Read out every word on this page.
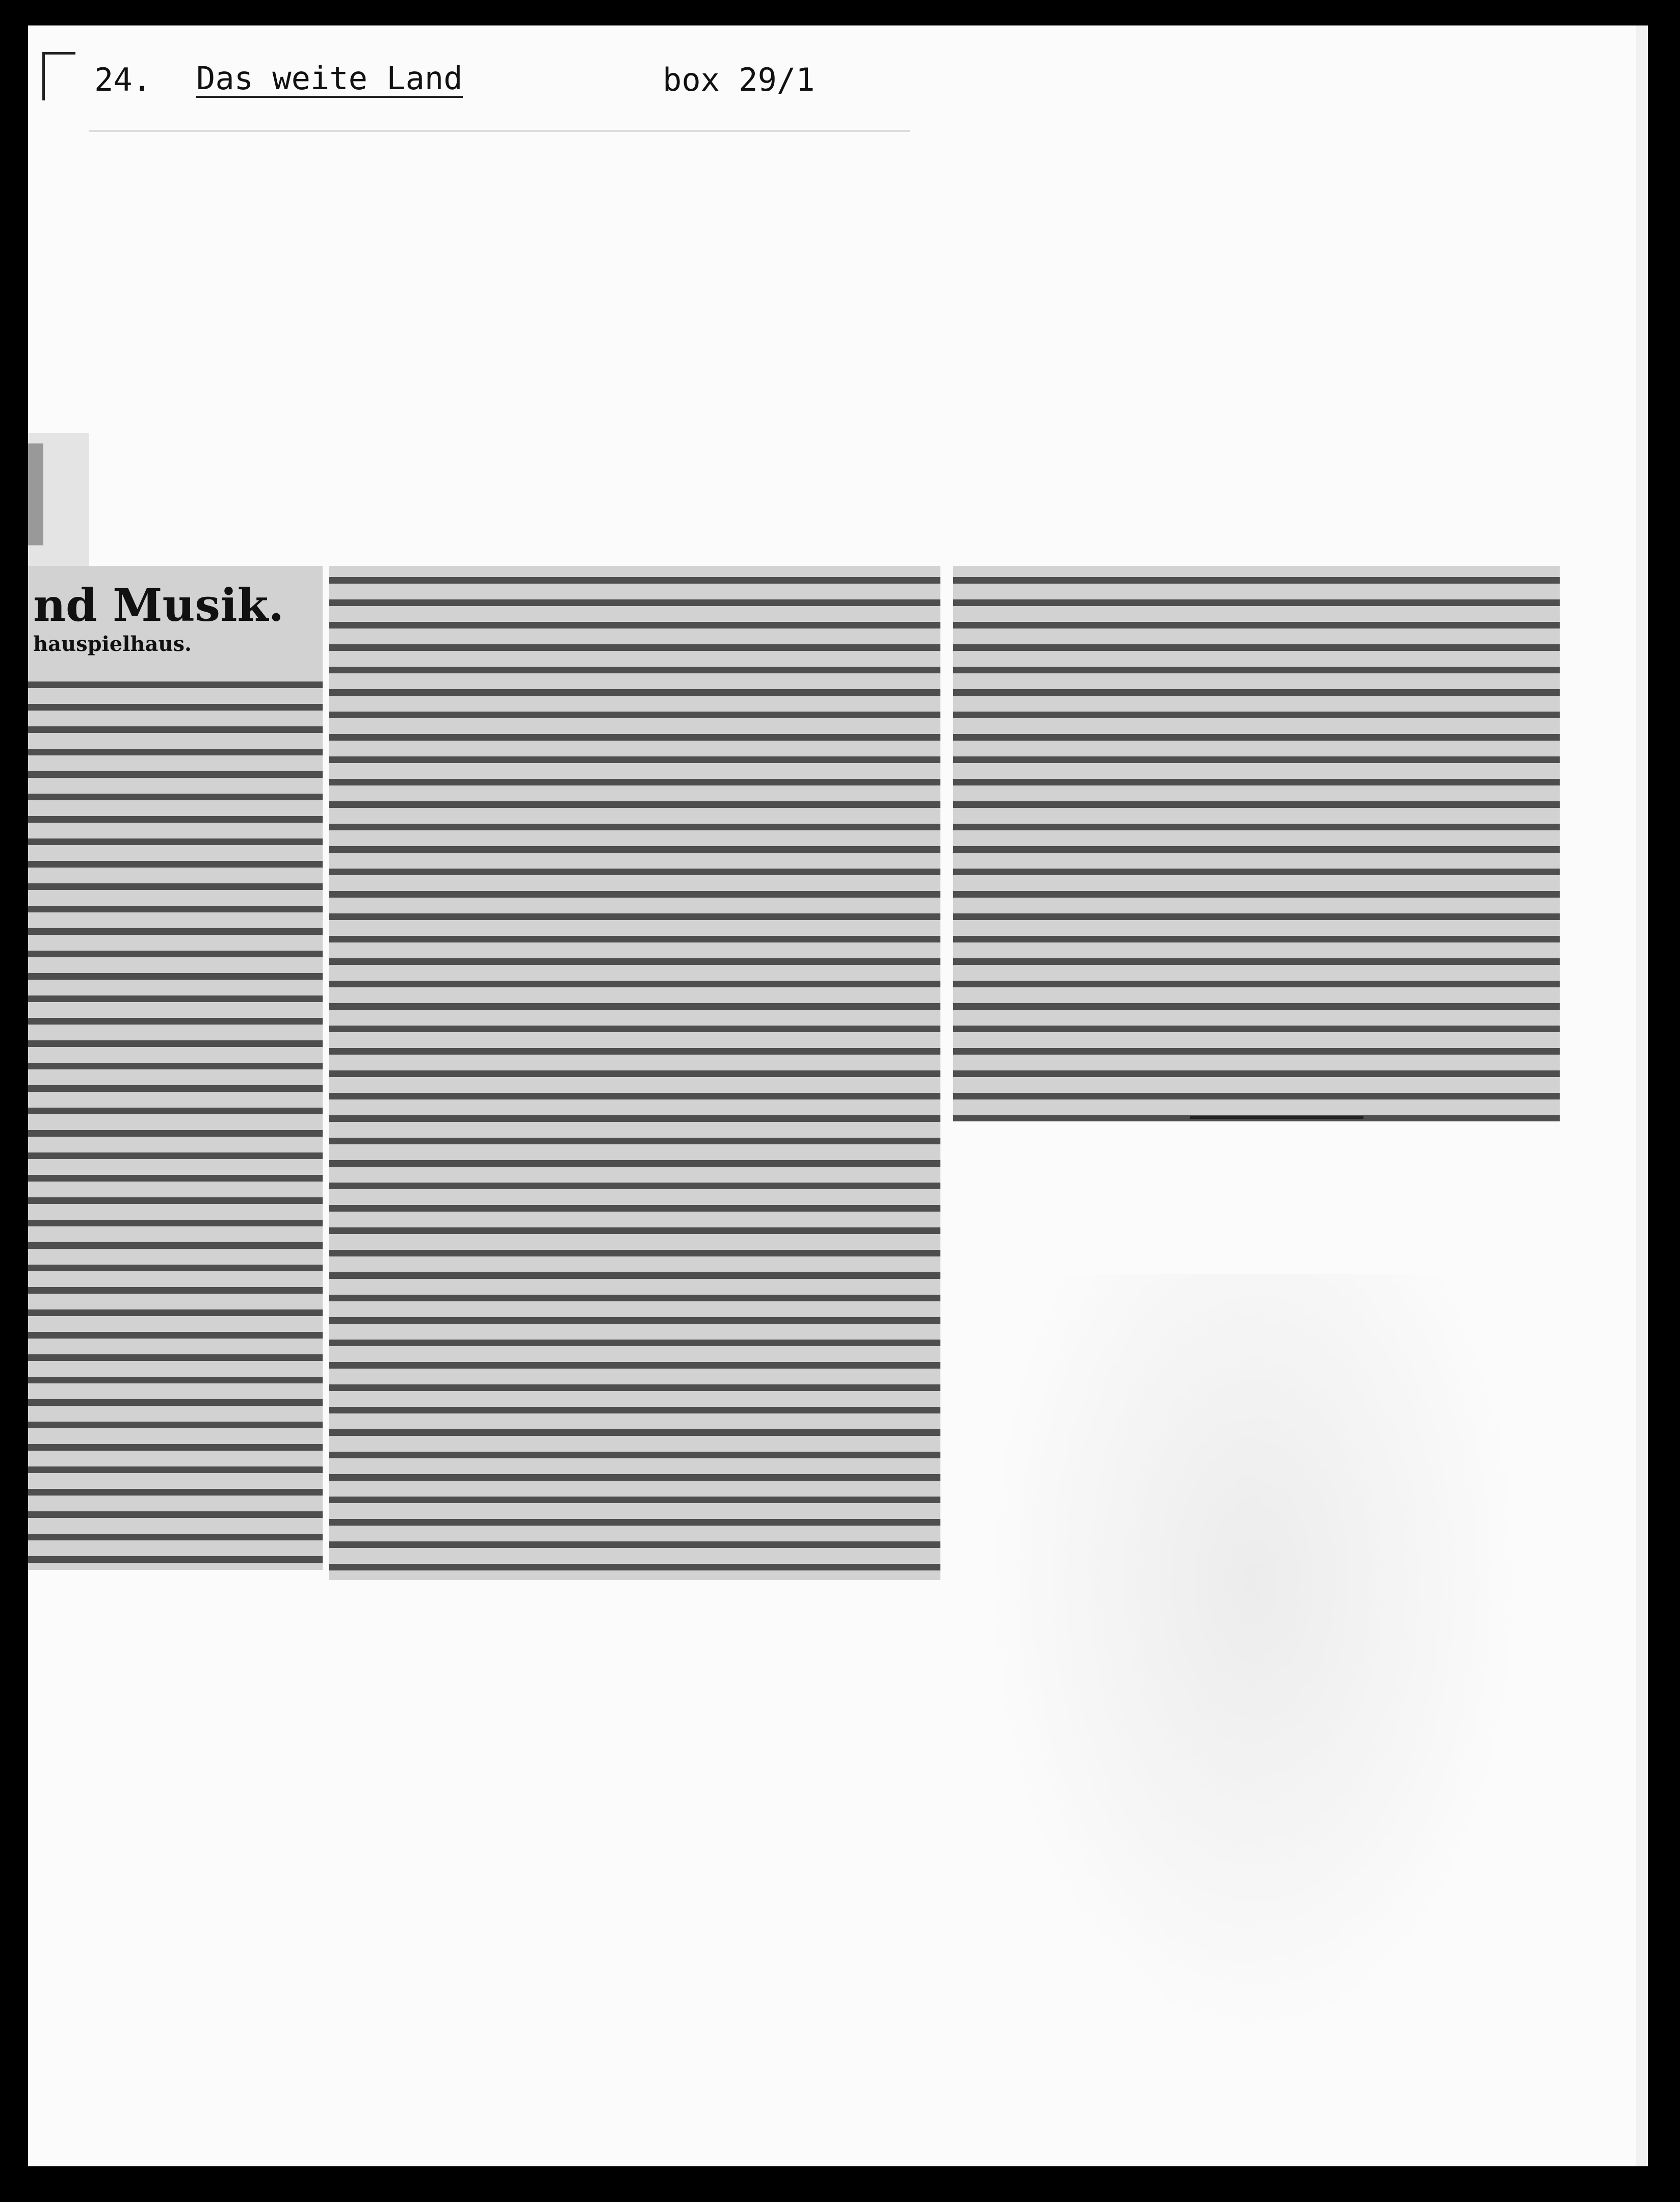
24. Das weite Land	box 29/1
nd Musik.
hauspielhaus.
